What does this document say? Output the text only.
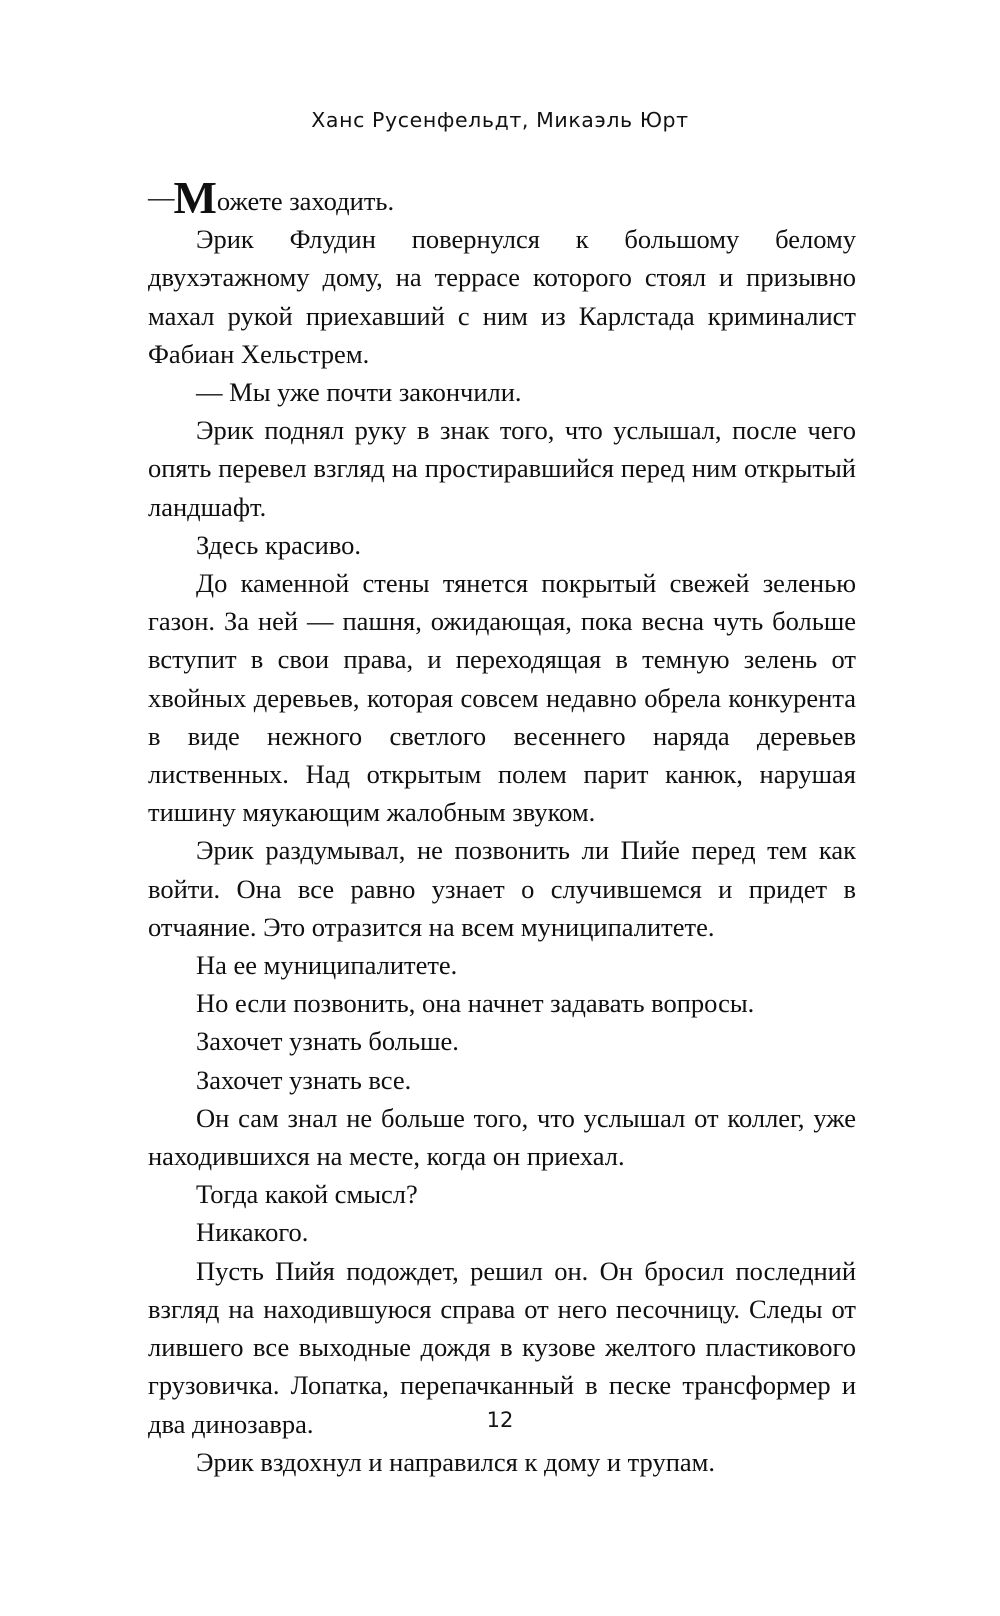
Ханс Русенфельдт, Микаэль Юрт

—Можете заходить.

Эрик Флудин повернулся к большому белому двухэтажному дому, на террасе которого стоял и призывно махал рукой приехавший с ним из Карлстада криминалист Фабиан Хельстрем.

— Мы уже почти закончили.

Эрик поднял руку в знак того, что услышал, после чего опять перевел взгляд на простиравшийся перед ним открытый ландшафт.

Здесь красиво.

До каменной стены тянется покрытый свежей зеленью газон. За ней — пашня, ожидающая, пока весна чуть больше вступит в свои права, и переходящая в темную зелень от хвойных деревьев, которая совсем недавно обрела конкурента в виде нежного светлого весеннего наряда деревьев лиственных. Над открытым полем парит канюк, нарушая тишину мяукающим жалобным звуком.

Эрик раздумывал, не позвонить ли Пийе перед тем как войти. Она все равно узнает о случившемся и придет в отчаяние. Это отразится на всем муниципалитете.

На ее муниципалитете.

Но если позвонить, она начнет задавать вопросы.

Захочет узнать больше.

Захочет узнать все.

Он сам знал не больше того, что услышал от коллег, уже находившихся на месте, когда он приехал.

Тогда какой смысл?

Никакого.

Пусть Пийя подождет, решил он. Он бросил последний взгляд на находившуюся справа от него песочницу. Следы от лившего все выходные дождя в кузове желтого пластикового грузовичка. Лопатка, перепачканный в песке трансформер и два динозавра.

Эрик вздохнул и направился к дому и трупам.

12
